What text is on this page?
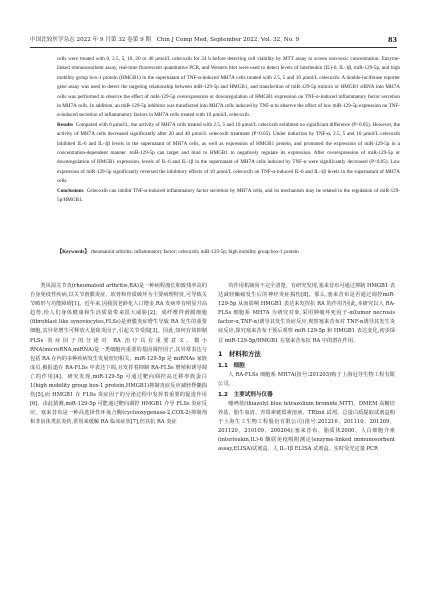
中国比较医学杂志 2022 年 9 月第 32 卷第 9 期　Chin J Comp Med, September 2022, Vol. 32, No. 9	83

cells were treated with 0, 2.5, 5, 10, 20 or 40 μmol/L celecoxib for 24 h before detecting cell viability by MTT assay to screen non-toxic concentration. Enzyme-linked immunosorbent assay, real-time fluorescent quantitative PCR, and Western blot were used to detect levels of interleukin (IL)-6, IL-1β, miR-129-5p, and high mobility group box-1 protein (HMGB1) in the supernatant of TNF-α-induced MH7A cells treated with 2.5, 5 and 10 μmol/L celecoxib. A double-luciferase reporter gene assay was used to detect the targeting relationship between miR-129-5p and HMGB1, and transfection of miR-129-5p mimics or HMGB1 siRNA into MH7A cells was performed to observe the effect of miR-129-5p overexpression or downregulation of HMGB1 expression on TNF-α-induced inflammatory factor secretion in MH7A cells. In addition, an miR-129-5p inhibitor was transfected into MH7A cells induced by TNF-α to observe the effect of low miR-129-5p expression on TNF-α-induced secretion of inflammatory factors in MH7A cells treated with 10 μmol/L celecoxib.

Results Compared with 0 μmol/L, the activity of MH7A cells treated with 2.5, 5 and 10 μmol/L celecoxib exhibited no significant difference (P>0.05). However, the activity of MH7A cells decreased significantly after 20 and 40 μmol/L celecoxib treatment (P<0.05). Under induction by TNF-α, 2.5, 5 and 10 μmol/L celecoxib inhibited IL-6 and IL-1β levels in the supernatant of MH7A cells, as well as expression of HMGB1 protein, and promoted the expression of miR-129-5p in a concentration-dependent manner. miR-129-5p can target and bind to HMGB1 to negatively regulate its expression. After overexpression of miR-129-5p or downregulation of HMGB1 expression, levels of IL-6 and IL-1β in the supernatant of MH7A cells induced by TNF-α were significantly decreased (P<0.05). Low expression of miR-129-5p significantly reversed the inhibitory effects of 10 μmol/L celecoxib on TNF-α-induced IL-6 and IL-1β levels in the supernatant of MH7A cells.

Conclusions Celecoxib can inhibit TNF-α-induced inflammatory factor secretion by MH7A cells, and its mechanism may be related to the regulation of miR-129-5p/HMGB1.

【Keywords】 rheumatoid arthritis; inflammatory factor; celecoxib; miR-129-5p; high mobility group box-1 protein

类风湿关节炎(rheumatoid arthritis,RA)是一种病程漫长和致残率高的自身免疫性疾病,以关节滑膜炎症、软骨和骨质破坏为主要病理特征,可导致关节畸形与功能障碍[1]。近年来,因我国老龄化人口增多,RA 发病率有明显升高趋势,给人们身体健康和生活质量带来很大威胁[2]。成纤维样滑膜细胞(fibroblast like synoviocytes,FLSs)是滑膜炎症增生导致 RA 发生的重要细胞,其异常增生可释放大量致炎因子,引起关节受损[3]。因此,如何有效抑制 FLSs 炎症因子的分泌对 RA 治疗具有重要意义。微小 RNA(microRNA,miRNA)是一类细胞内重要的基因调控因子,其异常表达与包括 RA 在内的多种疾病发生发展密切相关。miR-129-5p 是 miRNAs 家族成员,被报道在 RA-FLSs 中表达下调,且发挥着抑制 RA-FLSs 增殖和诱导凋亡的作用[4]。研究发现,miR-129-5p 可通过靶向调控高迁移率族蛋白 1(high mobility group box-1 protein,HMGB1)抑制炎症反应减轻脊髓损伤[5],而 HMGB1 在 FLSs 炎症因子的分泌过程中发挥着重要的促进作用[6]。由此猜测,miR-129-5p 可能通过靶向调控 HMGB1 介导 FLSs 炎症反应。塞来昔布是一种高选择性环氧合酶(cyclooxygenase-2,COX-2)抑制剂和非甾体类抗炎药,常用来缓解 RA 临床症状[7],但其抗 RA 炎症

的作用机制尚不完全清楚。有研究发现,塞来昔布可通过抑制 HMGB1 表达减轻癫痫发生后的神经炎症损伤[8]。那么,塞来昔布是否通过调控miR-129-5p 从而影响 HMGB1 表达来发挥抗 RA 的作用?因此,本研究以人 RA-FLSs 细胞系 MH7A 为研究对象,采用肿瘤坏死因子-α(tumor necrosis factor-α,TNF-α)诱导其发生炎症反应,观察塞来昔布对 TNF-α诱导其发生炎症反应,探究塞来昔布干预后观察 miR-129-5p 和 HMGB1 表达变化,初步探讨 miR-129-5p/HMGB1 在塞来昔布抗 RA 中的潜在作用。

1　材料和方法
1.1　细胞

人 RA-FLSs 细胞系 MH7A(批号:201203)购于上海冠导生物工程有限公司。

1.2　主要试剂与仪器

噻唑蓝(thiazolyl blue tetrazolium bromide,MTT)、DMEM 高糖培养基、胎牛血清、青霉素链霉素溶液、TRIzol 试剂、总蛋白质提取试剂盒购于上海生工生物工程股份有限公司(批号:201216、201110、201209、201120、210109、200204);塞来昔布、脂质体2000、人白细胞介素(interleukin,IL)-6 酶联免疫吸附测定(enzyme-linked immunosorbent assay,ELISA)试剂盒、人 IL-1β ELISA 试剂盒、实时荧光定量 PCR
